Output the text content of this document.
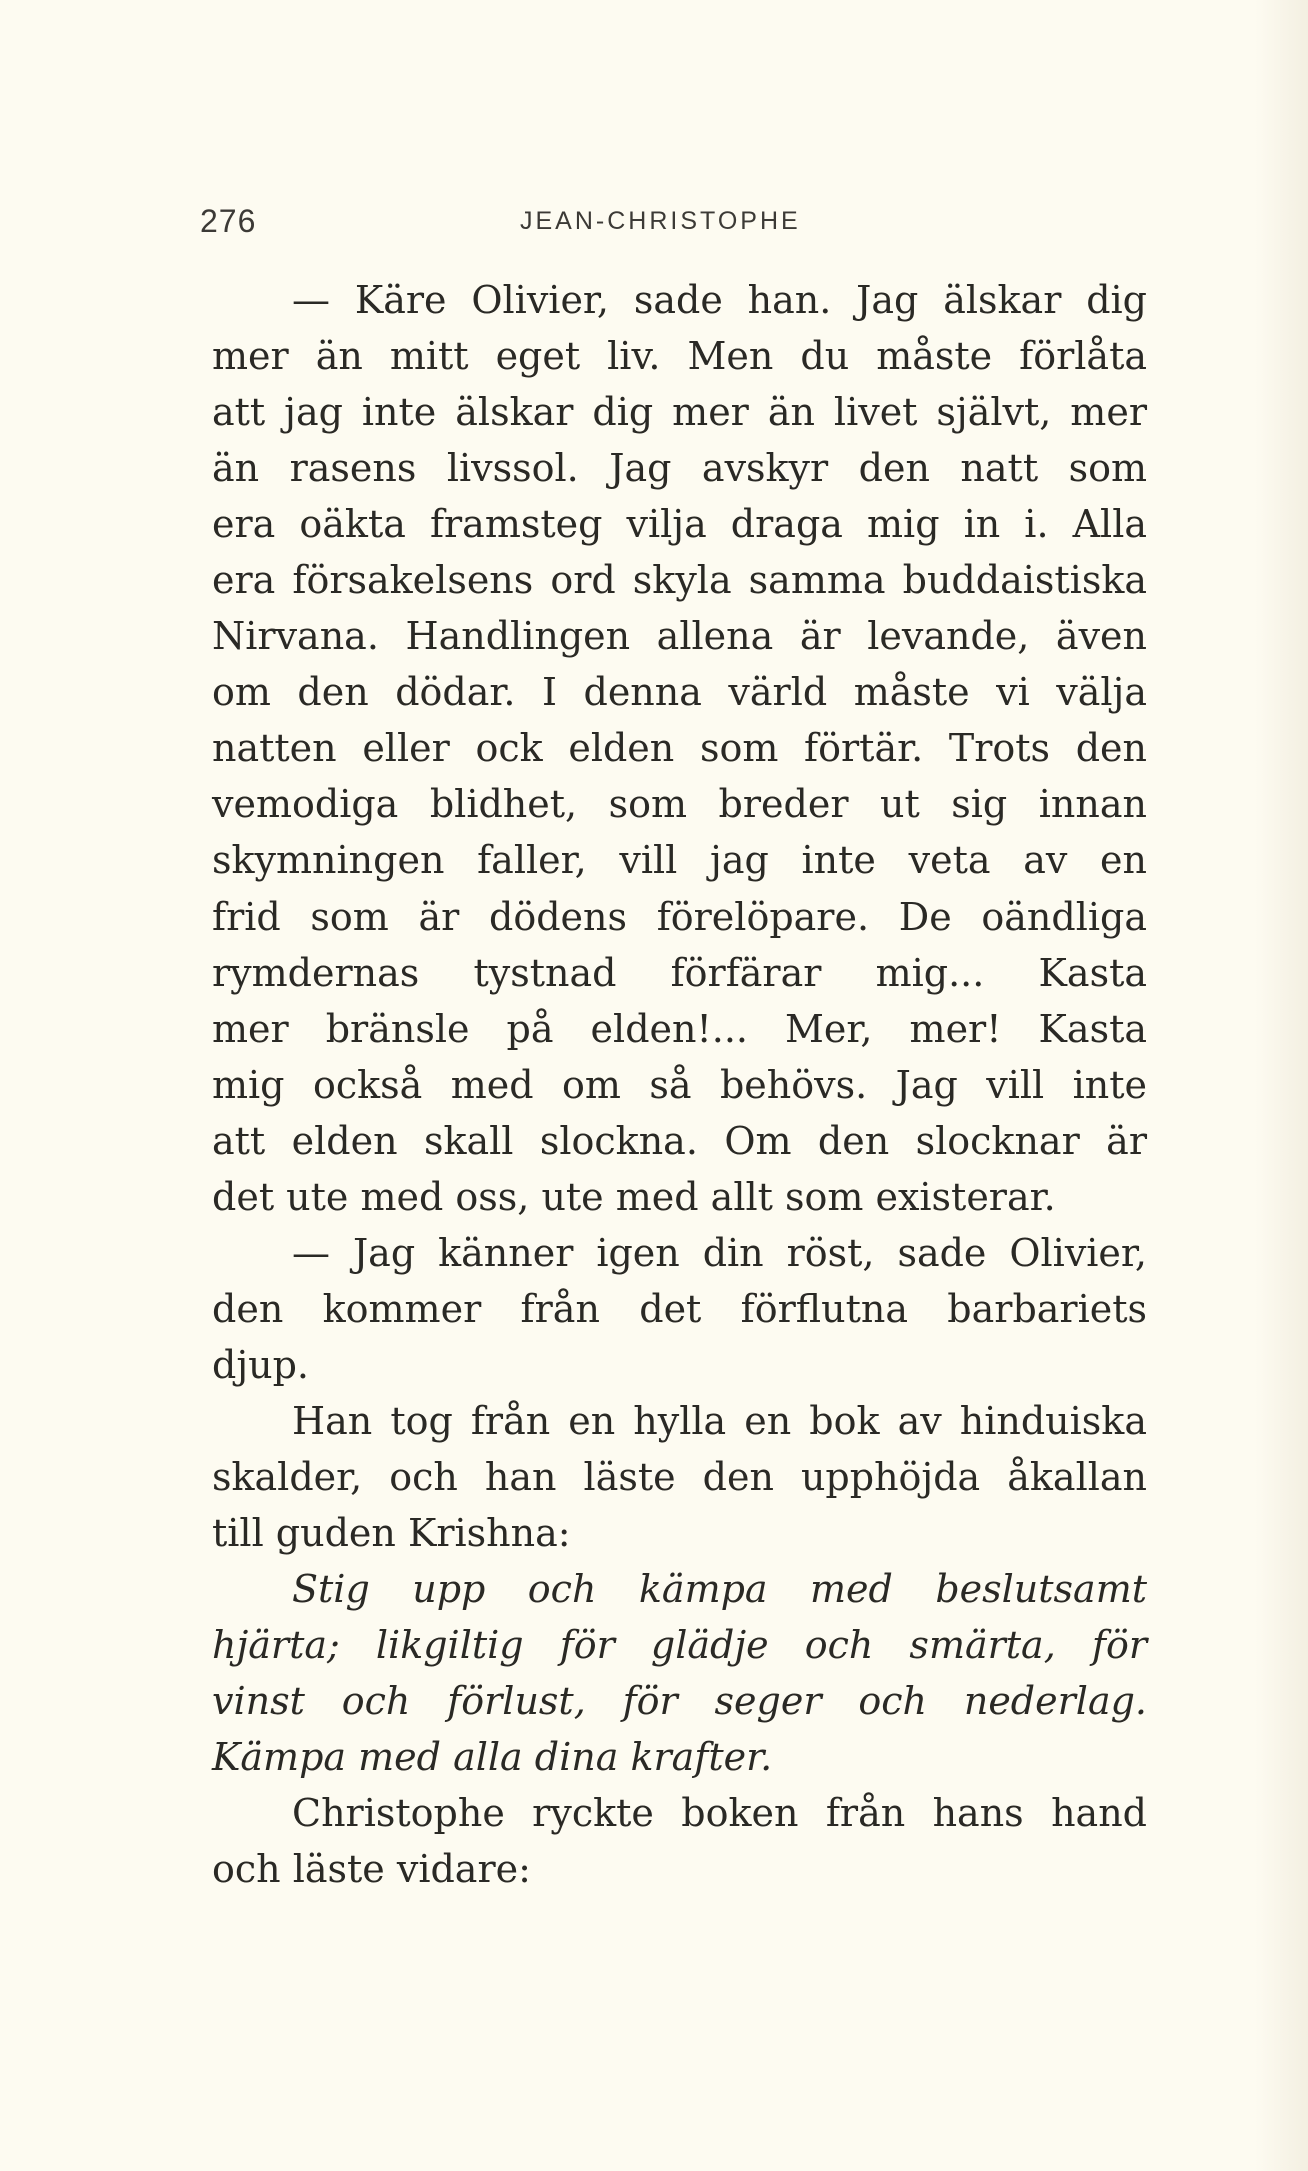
276	JEAN-CHRISTOPHE
— Käre Olivier, sade han. Jag älskar dig
mer än mitt eget liv. Men du måste förlåta
att jag inte älskar dig mer än livet självt, mer
än rasens livssol. Jag avskyr den natt som
era oäkta framsteg vilja draga mig in i. Alla
era försakelsens ord skyla samma buddaistiska
Nirvana. Handlingen allena är levande, även
om den dödar. I denna värld måste vi välja
natten eller ock elden som förtär. Trots den
vemodiga blidhet, som breder ut sig innan
skymningen faller, vill jag inte veta av en
frid som är dödens förelöpare. De oändliga
rymdernas tystnad förfärar mig... Kasta
mer bränsle på elden!... Mer, mer! Kasta
mig också med om så behövs. Jag vill inte
att elden skall slockna. Om den slocknar är
det ute med oss, ute med allt som existerar.
— Jag känner igen din röst, sade Olivier,
den kommer från det förflutna barbariets
djup.
Han tog från en hylla en bok av hinduiska
skalder, och han läste den upphöjda åkallan
till guden Krishna:
Stig upp och kämpa med beslutsamt
hjärta; likgiltig för glädje och smärta, för
vinst och förlust, för seger och nederlag.
Kämpa med alla dina krafter.
Christophe ryckte boken från hans hand
och läste vidare:
